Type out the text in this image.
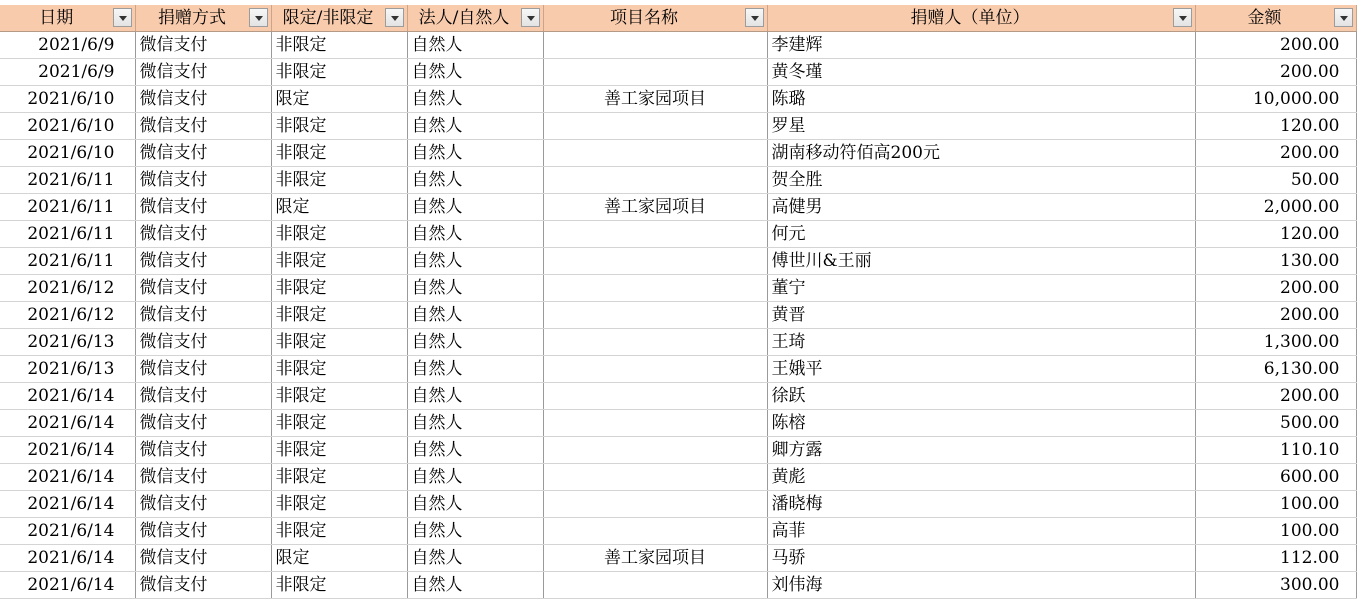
日期	捐赠方式	限定/非限定	法人/自然人	项目名称	捐赠人（单位）	金额

2021/6/9	微信支付	非限定	自然人		李建辉	200.00
2021/6/9	微信支付	非限定	自然人		黄冬瑾	200.00
2021/6/10	微信支付	限定	自然人	善工家园项目	陈璐	10,000.00
2021/6/10	微信支付	非限定	自然人		罗星	120.00
2021/6/10	微信支付	非限定	自然人		湖南移动符佰高200元	200.00
2021/6/11	微信支付	非限定	自然人		贺全胜	50.00
2021/6/11	微信支付	限定	自然人	善工家园项目	高健男	2,000.00
2021/6/11	微信支付	非限定	自然人		何元	120.00
2021/6/11	微信支付	非限定	自然人		傅世川&王丽	130.00
2021/6/12	微信支付	非限定	自然人		董宁	200.00
2021/6/12	微信支付	非限定	自然人		黄晋	200.00
2021/6/13	微信支付	非限定	自然人		王琦	1,300.00
2021/6/13	微信支付	非限定	自然人		王娥平	6,130.00
2021/6/14	微信支付	非限定	自然人		徐跃	200.00
2021/6/14	微信支付	非限定	自然人		陈榕	500.00
2021/6/14	微信支付	非限定	自然人		卿方露	110.10
2021/6/14	微信支付	非限定	自然人		黄彪	600.00
2021/6/14	微信支付	非限定	自然人		潘晓梅	100.00
2021/6/14	微信支付	非限定	自然人		高菲	100.00
2021/6/14	微信支付	限定	自然人	善工家园项目	马骄	112.00
2021/6/14	微信支付	非限定	自然人		刘伟海	300.00
